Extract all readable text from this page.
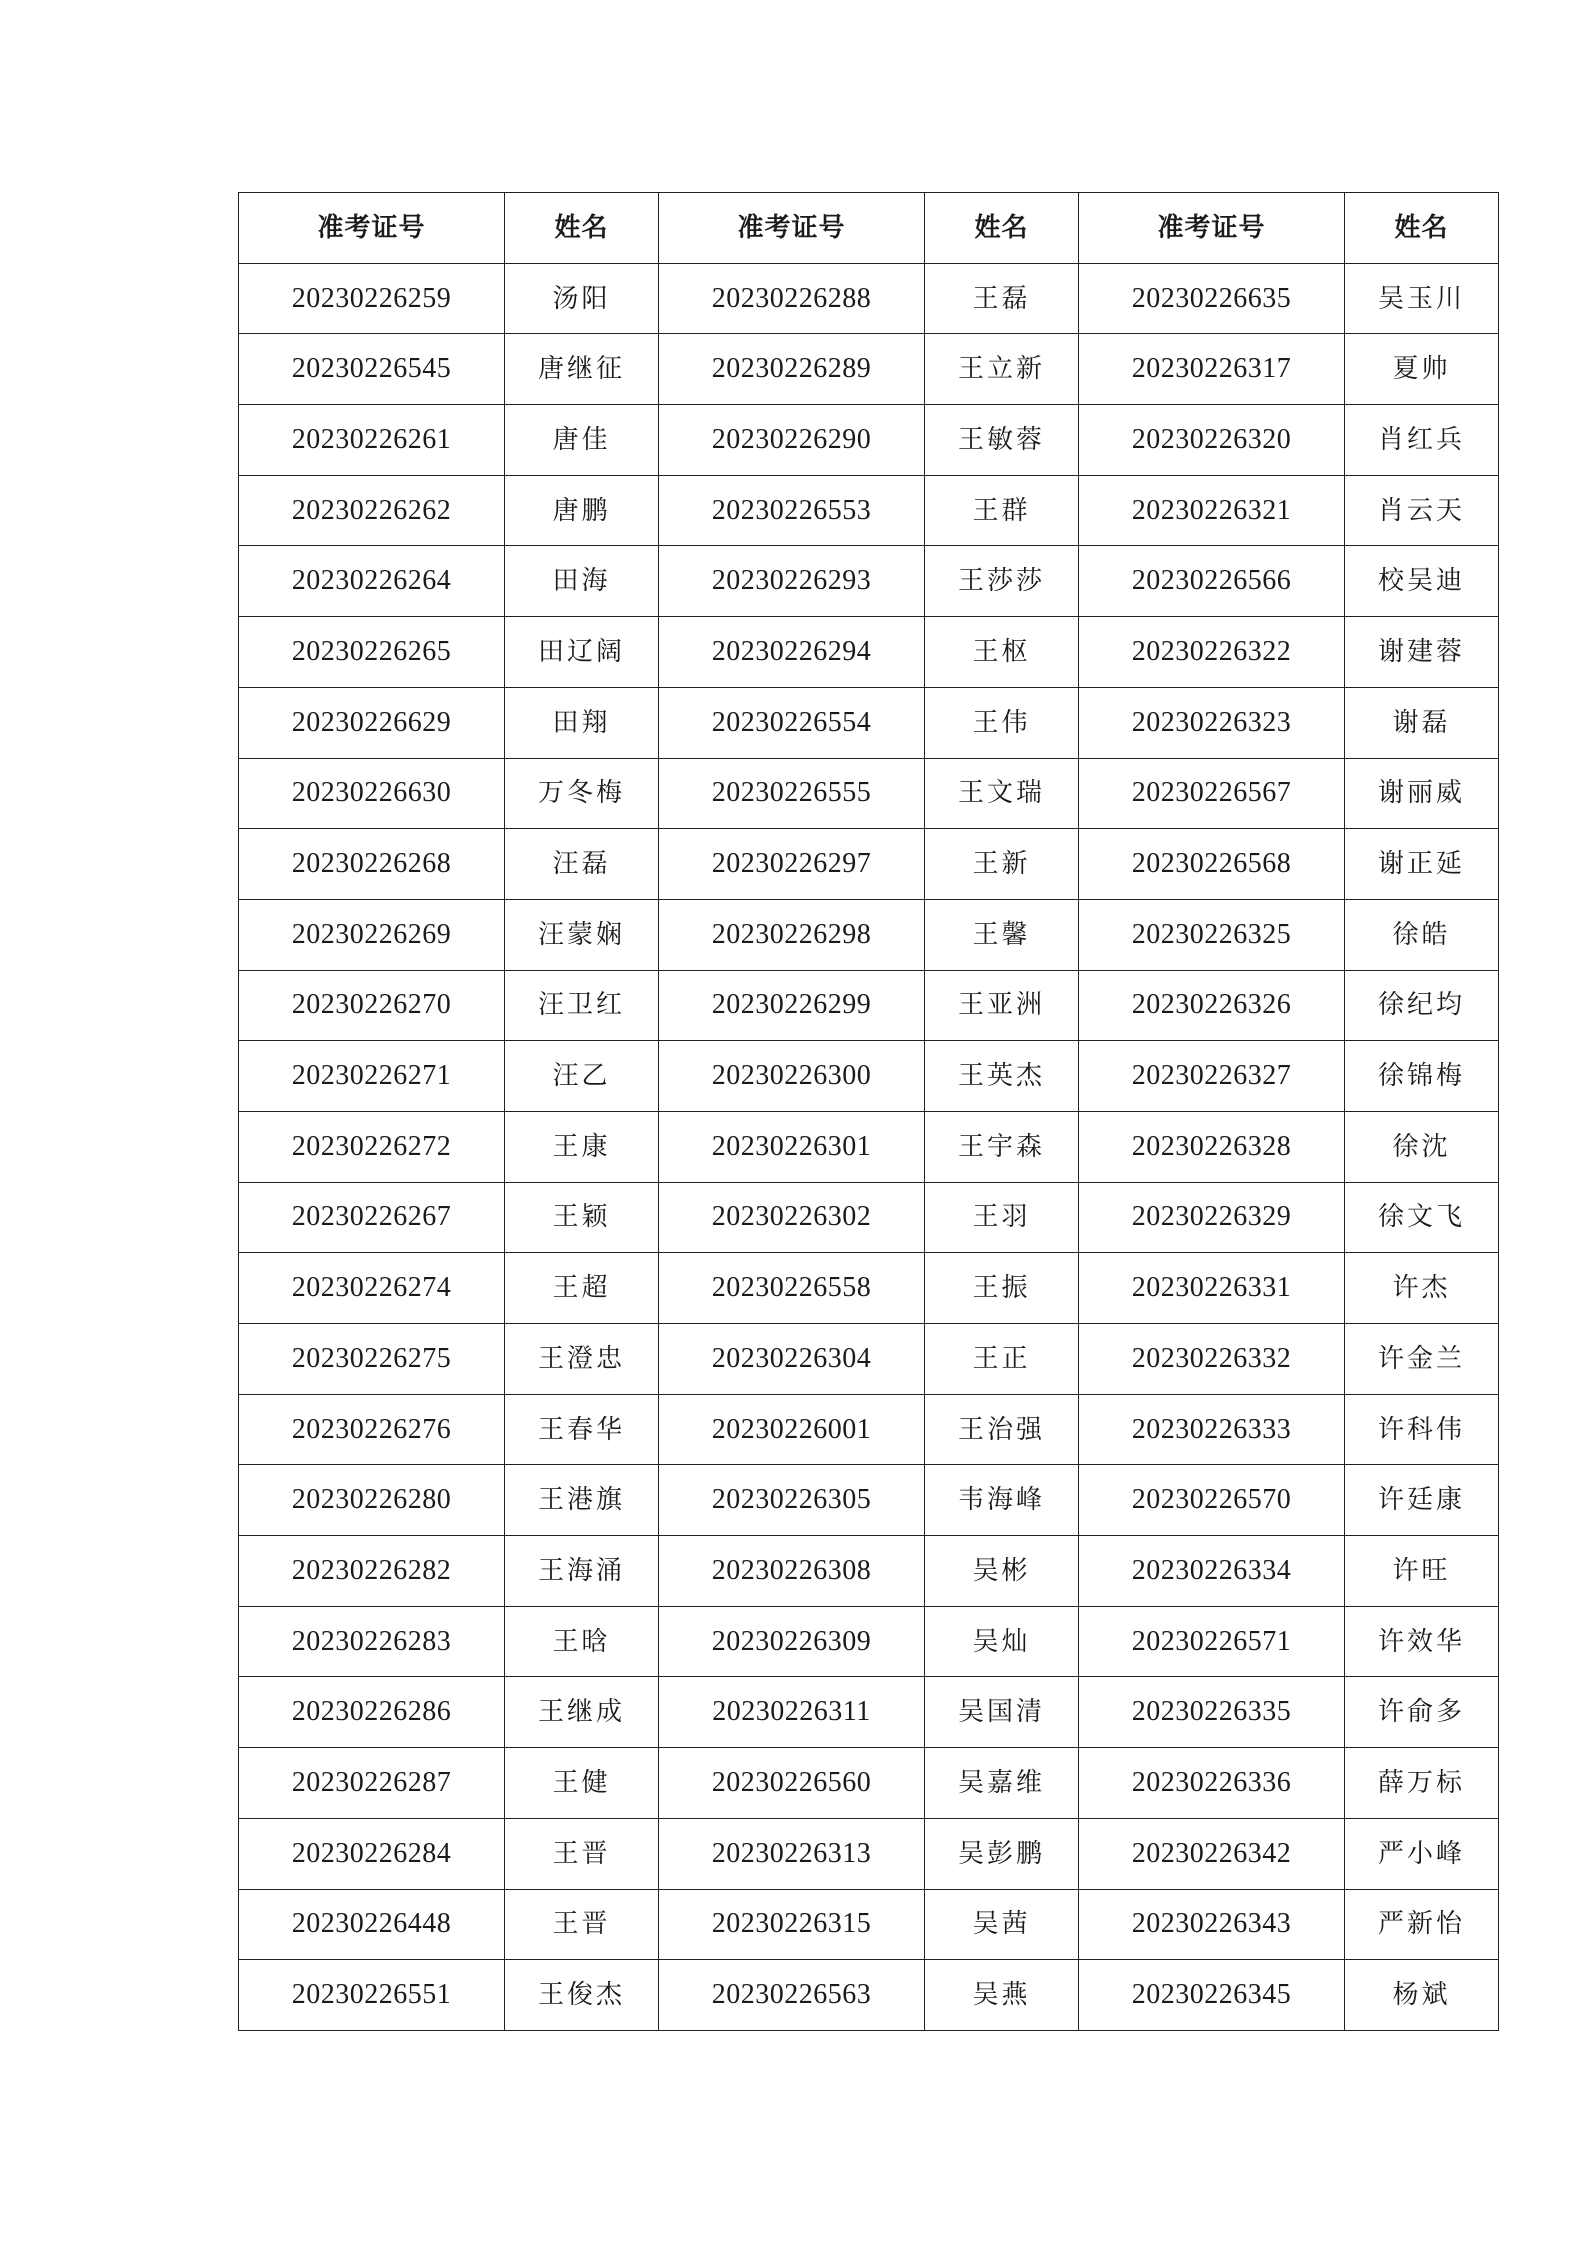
准考证号	姓名	准考证号	姓名	准考证号	姓名
20230226259	汤阳	20230226288	王磊	20230226635	吴玉川
20230226545	唐继征	20230226289	王立新	20230226317	夏帅
20230226261	唐佳	20230226290	王敏蓉	20230226320	肖红兵
20230226262	唐鹏	20230226553	王群	20230226321	肖云天
20230226264	田海	20230226293	王莎莎	20230226566	校吴迪
20230226265	田辽阔	20230226294	王枢	20230226322	谢建蓉
20230226629	田翔	20230226554	王伟	20230226323	谢磊
20230226630	万冬梅	20230226555	王文瑞	20230226567	谢丽威
20230226268	汪磊	20230226297	王新	20230226568	谢正延
20230226269	汪蒙娴	20230226298	王馨	20230226325	徐皓
20230226270	汪卫红	20230226299	王亚洲	20230226326	徐纪均
20230226271	汪乙	20230226300	王英杰	20230226327	徐锦梅
20230226272	王康	20230226301	王宇森	20230226328	徐沈
20230226267	王颖	20230226302	王羽	20230226329	徐文飞
20230226274	王超	20230226558	王振	20230226331	许杰
20230226275	王澄忠	20230226304	王正	20230226332	许金兰
20230226276	王春华	20230226001	王治强	20230226333	许科伟
20230226280	王港旗	20230226305	韦海峰	20230226570	许廷康
20230226282	王海涌	20230226308	吴彬	20230226334	许旺
20230226283	王晗	20230226309	吴灿	20230226571	许效华
20230226286	王继成	20230226311	吴国清	20230226335	许俞多
20230226287	王健	20230226560	吴嘉维	20230226336	薛万标
20230226284	王晋	20230226313	吴彭鹏	20230226342	严小峰
20230226448	王晋	20230226315	吴茜	20230226343	严新怡
20230226551	王俊杰	20230226563	吴燕	20230226345	杨斌
